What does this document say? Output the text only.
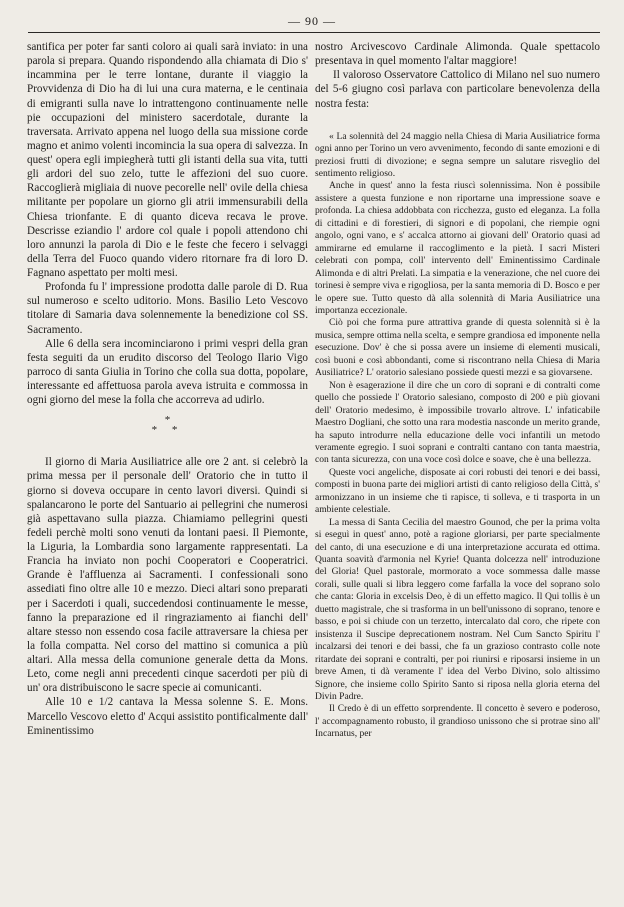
— 90 —

santifica per poter far santi coloro ai quali sarà inviato: in una parola si prepara. Quando rispondendo alla chiamata di Dio s' incammina per le terre lontane, durante il viaggio la Provvidenza di Dio ha di lui una cura materna, e le centinaia di emigranti sulla nave lo intrattengono continuamente nelle pie occupazioni del ministero sacerdotale, durante la traversata. Arrivato appena nel luogo della sua missione corde magno et animo volenti incomincia la sua opera di salvezza. In quest' opera egli impiegherà tutti gli istanti della sua vita, tutti gli ardori del suo zelo, tutte le affezioni del suo cuore. Raccoglierà migliaia di nuove pecorelle nell' ovile della chiesa militante per popolare un giorno gli atrii immensurabili della Chiesa trionfante. E di quanto diceva recava le prove. Descrisse eziandio l' ardore col quale i popoli attendono chi loro annunzi la parola di Dio e le feste che fecero i selvaggi della Terra del Fuoco quando videro ritornare fra di loro D. Fagnano aspettato per molti mesi.

Profonda fu l' impressione prodotta dalle parole di D. Rua sul numeroso e scelto uditorio. Mons. Basilio Leto Vescovo titolare di Samaria dava solennemente la benedizione col SS. Sacramento.

Alle 6 della sera incominciarono i primi vespri della gran festa seguiti da un erudito discorso del Teologo Ilario Vigo parroco di santa Giulia in Torino che colla sua dotta, popolare, interessante ed affettuosa parola aveva istruita e commossa in ogni giorno del mese la folla che accorreva ad udirlo.

*
* *

Il giorno di Maria Ausiliatrice alle ore 2 ant. si celebrò la prima messa per il personale dell' Oratorio che in tutto il giorno si doveva occupare in cento lavori diversi. Quindi si spalancarono le porte del Santuario ai pellegrini che numerosi già aspettavano sulla piazza. Chiamiamo pellegrini questi fedeli perchè molti sono venuti da lontani paesi. Il Piemonte, la Liguria, la Lombardia sono largamente rappresentati. La Francia ha inviato non pochi Cooperatori e Cooperatrici. Grande è l'affluenza ai Sacramenti. I confessionali sono assediati fino oltre alle 10 e mezzo. Dieci altari sono preparati per i Sacerdoti i quali, succedendosi continuamente le messe, fanno la preparazione ed il ringraziamento ai fianchi dell' altare stesso non essendo cosa facile attraversare la chiesa per la folla compatta. Nel corso del mattino si comunica a più altari. Alla messa della comunione generale detta da Mons. Leto, come negli anni precedenti cinque sacerdoti per più di un' ora distribuiscono le sacre specie ai comunicanti.

Alle 10 e 1/2 cantava la Messa solenne S. E. Mons. Marcello Vescovo eletto d' Acqui assistito pontificalmente dall' Eminentissimo

nostro Arcivescovo Cardinale Alimonda. Quale spettacolo presentava in quel momento l'altar maggiore!

Il valoroso Osservatore Cattolico di Milano nel suo numero del 5-6 giugno così parlava con particolare benevolenza della nostra festa:

« La solennità del 24 maggio nella Chiesa di Maria Ausiliatrice forma ogni anno per Torino un vero avvenimento, fecondo di sante emozioni e di preziosi frutti di divozione; e segna sempre un salutare risveglio del sentimento religioso.

Anche in quest' anno la festa riuscì solennissima. Non è possibile assistere a questa funzione e non riportarne una impressione soave e profonda. La chiesa addobbata con ricchezza, gusto ed eleganza. La folla di cittadini e di forestieri, di signori e di popolani, che riempie ogni angolo, ogni vano, e s' accalca attorno ai giovani dell' Oratorio quasi ad ammirarne ed emularne il raccoglimento e la pietà. I sacri Misteri celebrati con pompa, coll' intervento dell' Eminentissimo Cardinale Alimonda e di altri Prelati. La simpatia e la venerazione, che nel cuore dei torinesi è sempre viva e rigogliosa, per la santa memoria di D. Bosco e per le opere sue. Tutto questo dà alla solennità di Maria Ausiliatrice una importanza eccezionale.

Ciò poi che forma pure attrattiva grande di questa solennità si è la musica, sempre ottima nella scelta, e sempre grandiosa ed imponente nella esecuzione. Dov' è che si possa avere un insieme di elementi musicali, così buoni e così abbondanti, come si riscontrano nella Chiesa di Maria Ausiliatrice? L' oratorio salesiano possiede questi mezzi e sa giovarsene.

Non è esagerazione il dire che un coro di soprani e di contralti come quello che possiede l' Oratorio salesiano, composto di 200 e più giovani dell' Oratorio medesimo, è impossibile trovarlo altrove. L' infaticabile Maestro Dogliani, che sotto una rara modestia nasconde un merito grande, ha saputo introdurre nella educazione delle voci infantili un metodo veramente egregio. I suoi soprani e contralti cantano con tanta maestria, con tanta sicurezza, con una voce così dolce e soave, che è una bellezza.

Queste voci angeliche, disposate ai cori robusti dei tenori e dei bassi, composti in buona parte dei migliori artisti di canto religioso della Città, s' armonizzano in un insieme che ti rapisce, ti solleva, e ti trasporta in un ambiente celestiale.

La messa di Santa Cecilia del maestro Gounod, che per la prima volta si eseguì in quest' anno, potè a ragione gloriarsi, per parte specialmente del canto, di una esecuzione e di una interpretazione accurata ed ottima. Quanta soavità d'armonia nel Kyrie! Quanta dolcezza nell' introduzione del Gloria! Quel pastorale, mormorato a voce sommessa dalle masse corali, sulle quali si libra leggero come farfalla la voce del soprano solo che canta: Gloria in excelsis Deo, è di un effetto magico. Il Qui tollis è un duetto magistrale, che si trasforma in un bell'unissono di soprano, tenore e basso, e poi si chiude con un terzetto, intercalato dal coro, che ripete con insistenza il Suscipe deprecationem nostram. Nel Cum Sancto Spiritu l' incalzarsi dei tenori e dei bassi, che fa un grazioso contrasto colle note ritardate dei soprani e contralti, per poi riunirsi e riposarsi insieme in un breve Amen, ti dà veramente l' idea del Verbo Divino, solo altissimo Signore, che insieme collo Spirito Santo si riposa nella gloria eterna del Divin Padre.

Il Credo è di un effetto sorprendente. Il concetto è severo e poderoso, l' accompagnamento robusto, il grandioso unissono che si protrae sino all' Incarnatus, per
